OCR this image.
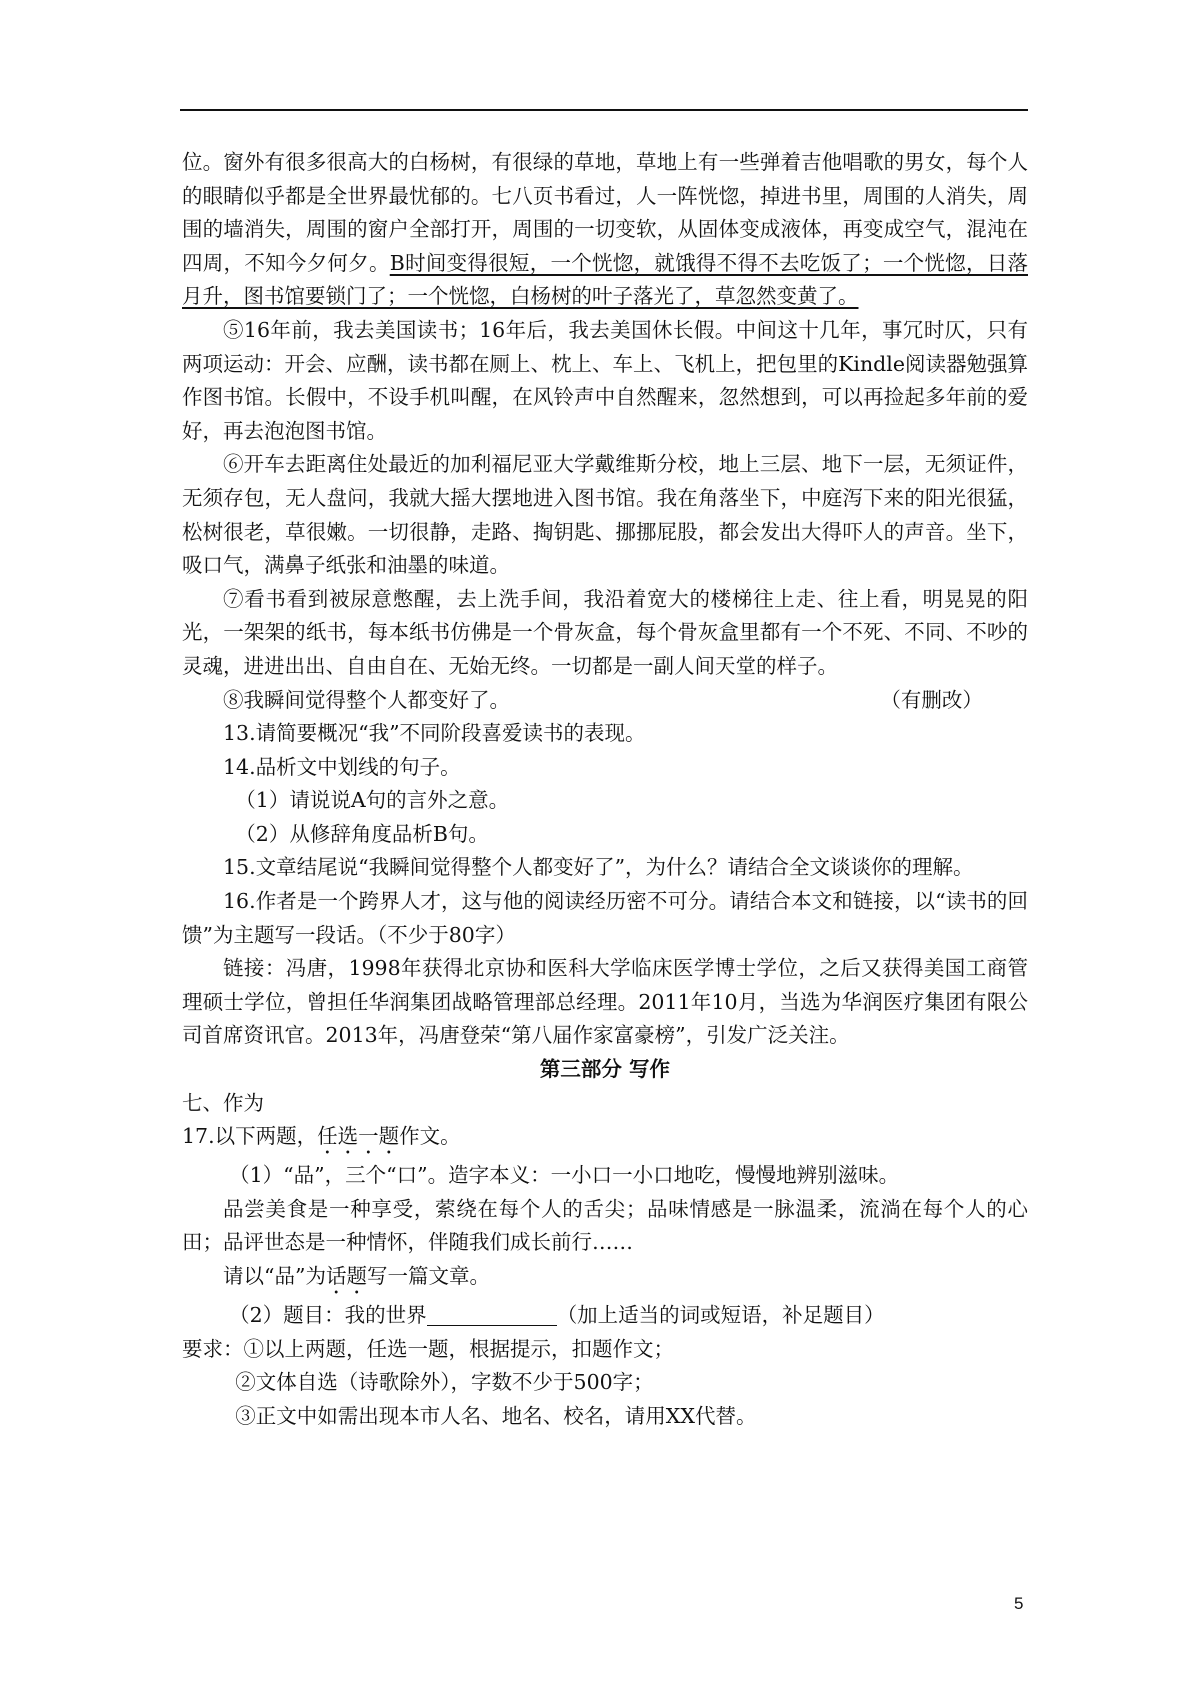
位。窗外有很多很高大的白杨树，有很绿的草地，草地上有一些弹着吉他唱歌的男女，每个人的眼睛似乎都是全世界最忧郁的。七八页书看过，人一阵恍惚，掉进书里，周围的人消失，周围的墙消失，周围的窗户全部打开，周围的一切变软，从固体变成液体，再变成空气，混沌在四周，不知今夕何夕。B时间变得很短，一个恍惚，就饿得不得不去吃饭了；一个恍惚，日落月升，图书馆要锁门了；一个恍惚，白杨树的叶子落光了，草忽然变黄了。

⑤16年前，我去美国读书；16年后，我去美国休长假。中间这十几年，事冗时仄，只有两项运动：开会、应酬，读书都在厕上、枕上、车上、飞机上，把包里的Kindle阅读器勉强算作图书馆。长假中，不设手机叫醒，在风铃声中自然醒来，忽然想到，可以再捡起多年前的爱好，再去泡泡图书馆。

⑥开车去距离住处最近的加利福尼亚大学戴维斯分校，地上三层、地下一层，无须证件，无须存包，无人盘问，我就大摇大摆地进入图书馆。我在角落坐下，中庭泻下来的阳光很猛，松树很老，草很嫩。一切很静，走路、掏钥匙、挪挪屁股，都会发出大得吓人的声音。坐下，吸口气，满鼻子纸张和油墨的味道。

⑦看书看到被尿意憋醒，去上洗手间，我沿着宽大的楼梯往上走、往上看，明晃晃的阳光，一架架的纸书，每本纸书仿佛是一个骨灰盒，每个骨灰盒里都有一个不死、不同、不吵的灵魂，进进出出、自由自在、无始无终。一切都是一副人间天堂的样子。

⑧我瞬间觉得整个人都变好了。	（有删改）

13.请简要概况“我”不同阶段喜爱读书的表现。

14.品析文中划线的句子。

（1）请说说A句的言外之意。

（2）从修辞角度品析B句。

15.文章结尾说“我瞬间觉得整个人都变好了”，为什么？请结合全文谈谈你的理解。

16.作者是一个跨界人才，这与他的阅读经历密不可分。请结合本文和链接，以“读书的回馈”为主题写一段话。（不少于80字）

链接：冯唐，1998年获得北京协和医科大学临床医学博士学位，之后又获得美国工商管理硕士学位，曾担任华润集团战略管理部总经理。2011年10月，当选为华润医疗集团有限公司首席资讯官。2013年，冯唐登荣“第八届作家富豪榜”，引发广泛关注。

第三部分 写作

七、作为

17.以下两题，任选一题作文。

（1）“品”，三个“口”。造字本义：一小口一小口地吃，慢慢地辨别滋味。

品尝美食是一种享受，萦绕在每个人的舌尖；品味情感是一脉温柔，流淌在每个人的心田；品评世态是一种情怀，伴随我们成长前行……

请以“品”为话题写一篇文章。

（2）题目：我的世界	（加上适当的词或短语，补足题目）

要求：①以上两题，任选一题，根据提示，扣题作文；

②文体自选（诗歌除外），字数不少于500字；

③正文中如需出现本市人名、地名、校名，请用XX代替。

5
